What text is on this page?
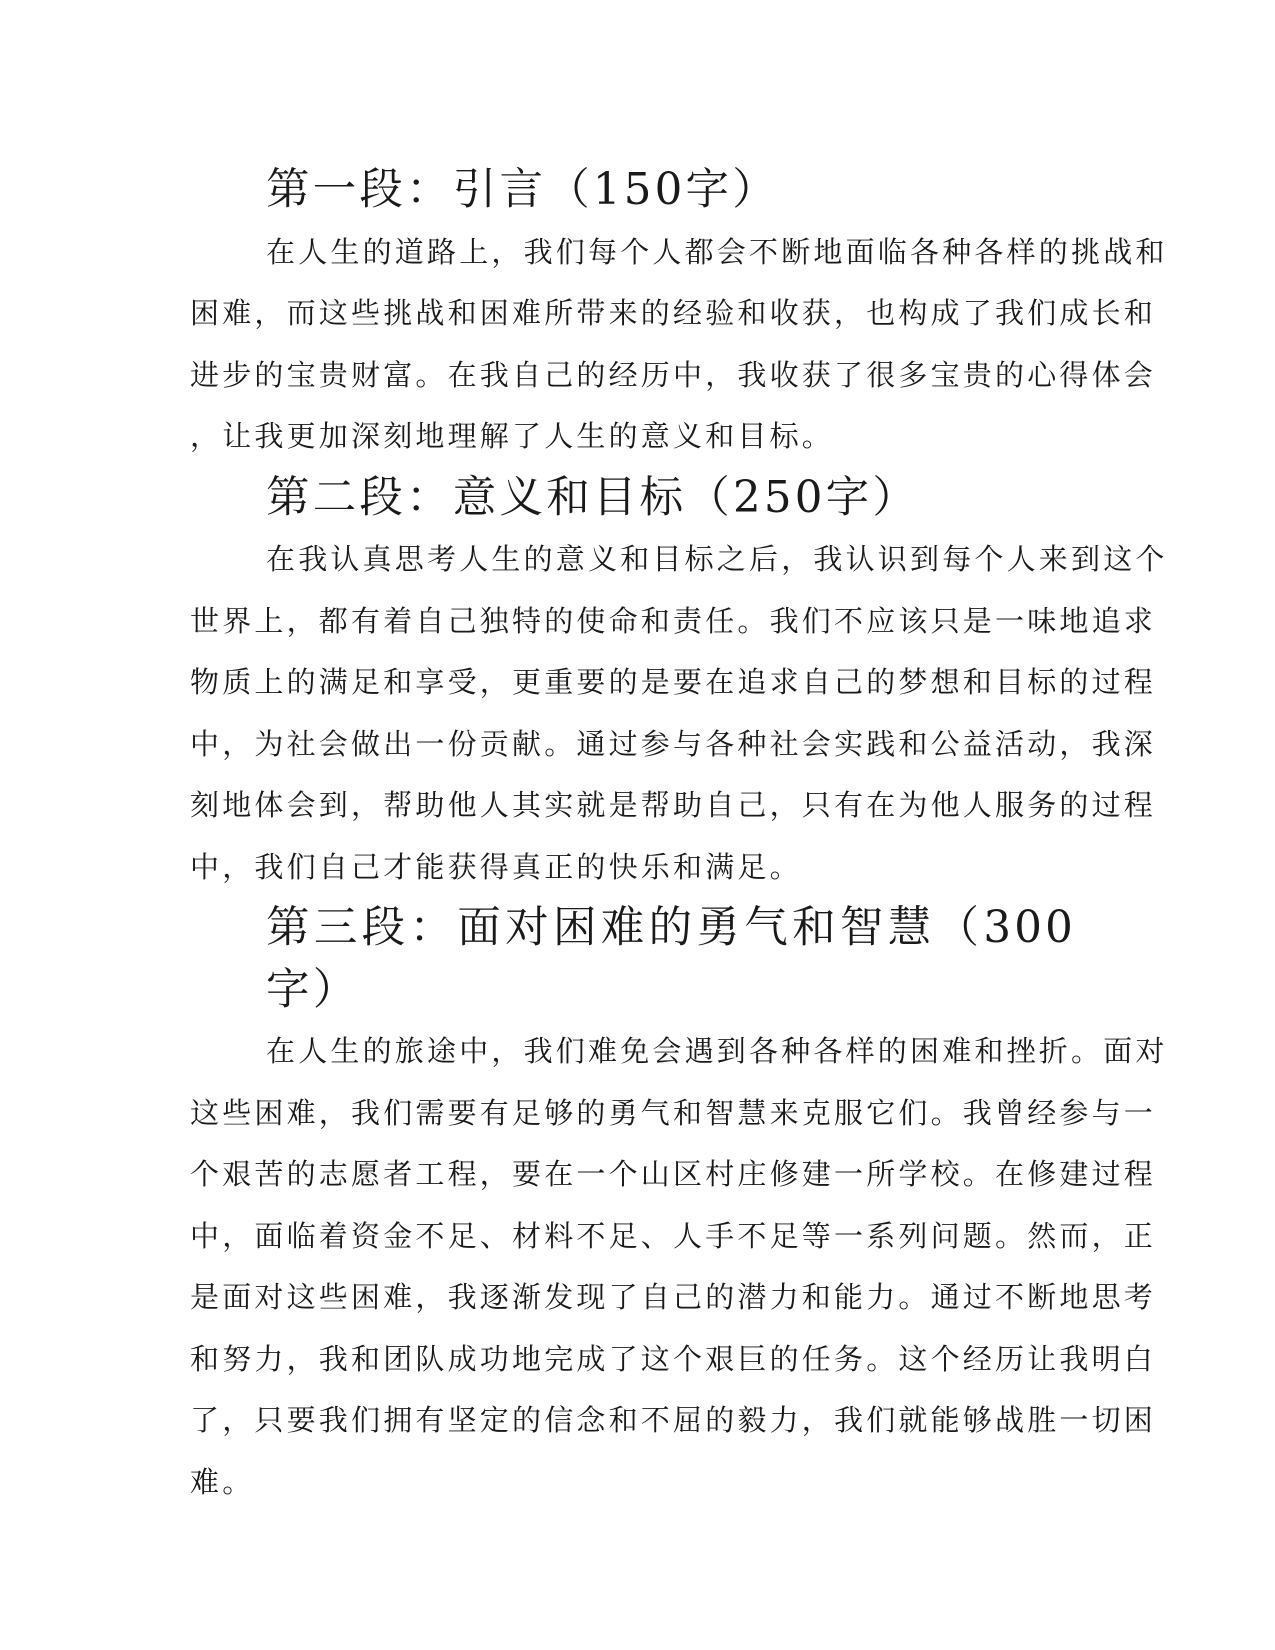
第一段：引言（150字）

在人生的道路上，我们每个人都会不断地面临各种各样的挑战和
困难，而这些挑战和困难所带来的经验和收获，也构成了我们成长和
进步的宝贵财富。在我自己的经历中，我收获了很多宝贵的心得体会
，让我更加深刻地理解了人生的意义和目标。

第二段：意义和目标（250字）

在我认真思考人生的意义和目标之后，我认识到每个人来到这个
世界上，都有着自己独特的使命和责任。我们不应该只是一味地追求
物质上的满足和享受，更重要的是要在追求自己的梦想和目标的过程
中，为社会做出一份贡献。通过参与各种社会实践和公益活动，我深
刻地体会到，帮助他人其实就是帮助自己，只有在为他人服务的过程
中，我们自己才能获得真正的快乐和满足。

第三段：面对困难的勇气和智慧（300字）

在人生的旅途中，我们难免会遇到各种各样的困难和挫折。面对
这些困难，我们需要有足够的勇气和智慧来克服它们。我曾经参与一
个艰苦的志愿者工程，要在一个山区村庄修建一所学校。在修建过程
中，面临着资金不足、材料不足、人手不足等一系列问题。然而，正
是面对这些困难，我逐渐发现了自己的潜力和能力。通过不断地思考
和努力，我和团队成功地完成了这个艰巨的任务。这个经历让我明白
了，只要我们拥有坚定的信念和不屈的毅力，我们就能够战胜一切困
难。
